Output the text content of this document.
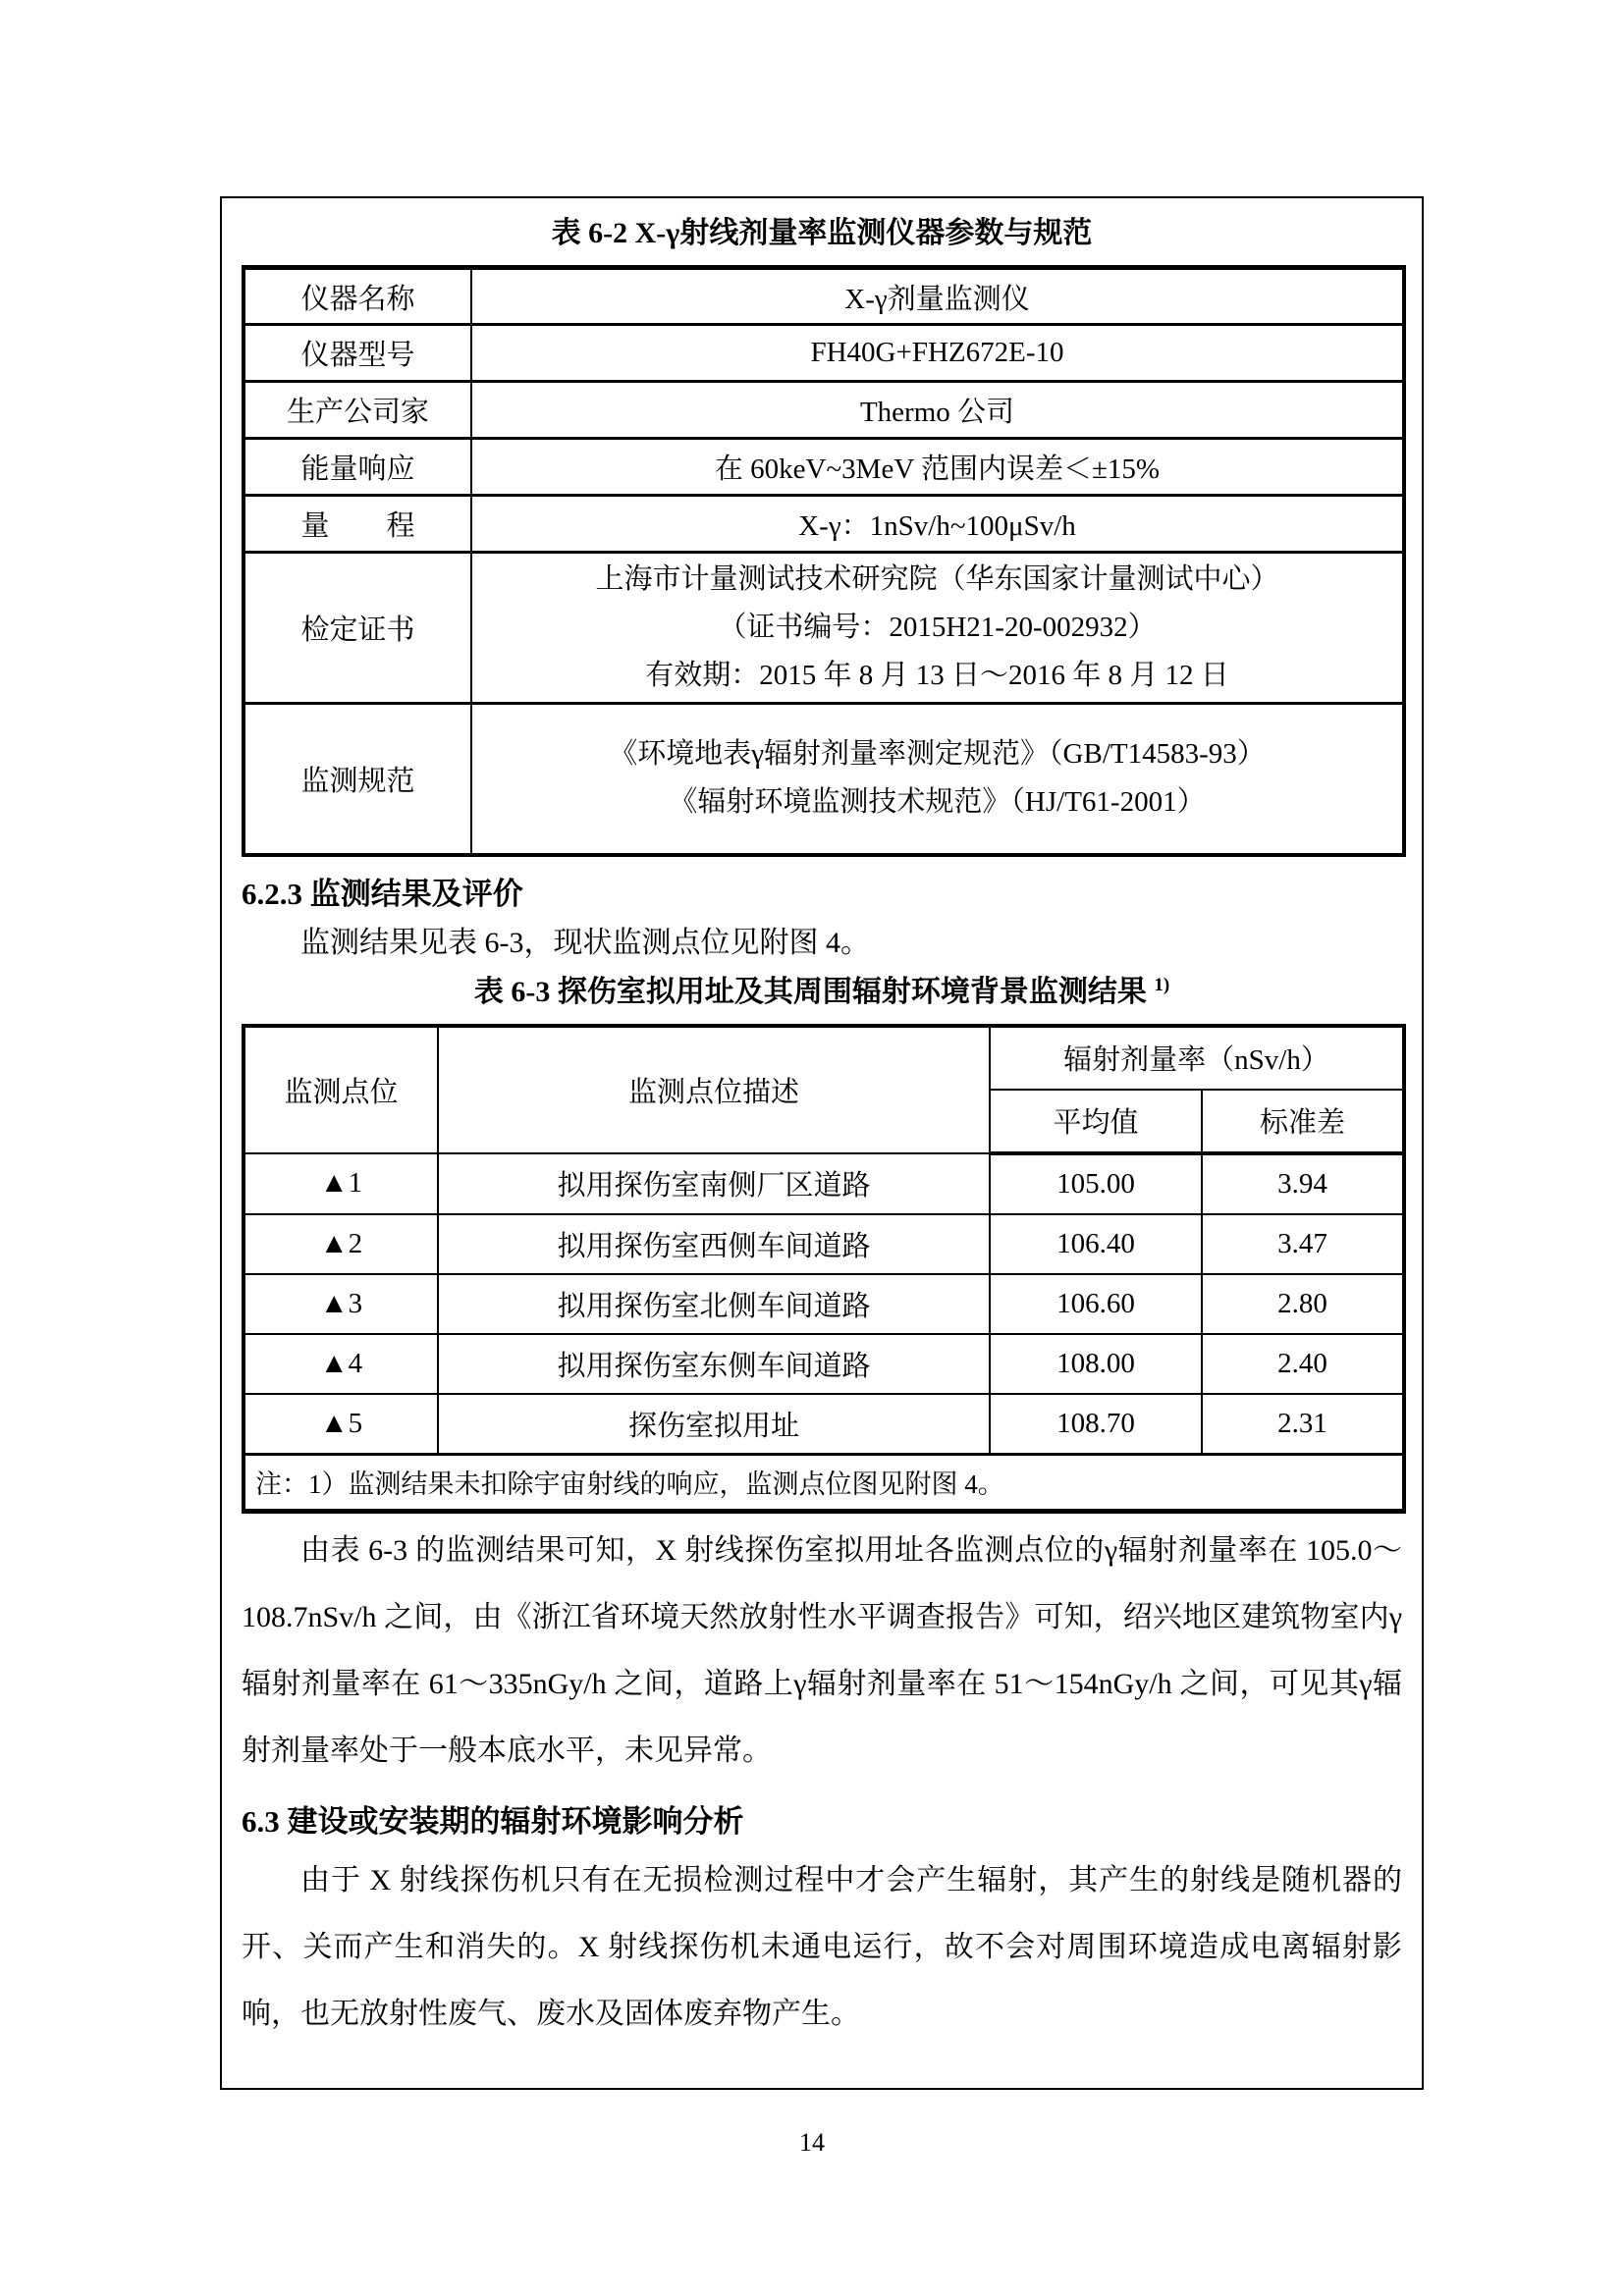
表 6-2 X-γ射线剂量率监测仪器参数与规范
仪器名称	X-γ剂量监测仪
仪器型号	FH40G+FHZ672E-10
生产公司家	Thermo 公司
能量响应	在 60keV~3MeV 范围内误差＜±15%
量　　程	X-γ：1nSv/h~100μSv/h
检定证书	上海市计量测试技术研究院（华东国家计量测试中心）
（证书编号：2015H21-20-002932）
有效期：2015 年 8 月 13 日～2016 年 8 月 12 日

监测规范	《环境地表γ辐射剂量率测定规范》（GB/T14583-93）
《辐射环境监测技术规范》（HJ/T61-2001）
6.2.3 监测结果及评价
监测结果见表 6-3，现状监测点位见附图 4。
表 6-3 探伤室拟用址及其周围辐射环境背景监测结果 $^{1)}$
监测点位	监测点位描述	辐射剂量率（nSv/h）	
		平均值	标准差
▲1	拟用探伤室南侧厂区道路	105.00	3.94
▲2	拟用探伤室西侧车间道路	106.40	3.47
▲3	拟用探伤室北侧车间道路	106.60	2.80
▲4	拟用探伤室东侧车间道路	108.00	2.40
▲5	探伤室拟用址	108.70	2.31
注：1）监测结果未扣除宇宙射线的响应，监测点位图见附图 4。			
由表 6-3 的监测结果可知，X 射线探伤室拟用址各监测点位的γ辐射剂量率在 105.0～108.7nSv/h 之间，由《浙江省环境天然放射性水平调查报告》可知，绍兴地区建筑物室内γ辐射剂量率在 61～335nGy/h 之间，道路上γ辐射剂量率在 51～154nGy/h 之间，可见其γ辐射剂量率处于一般本底水平，未见异常。
6.3 建设或安装期的辐射环境影响分析
由于 X 射线探伤机只有在无损检测过程中才会产生辐射，其产生的射线是随机器的开、关而产生和消失的。X 射线探伤机未通电运行，故不会对周围环境造成电离辐射影响，也无放射性废气、废水及固体废弃物产生。
14
